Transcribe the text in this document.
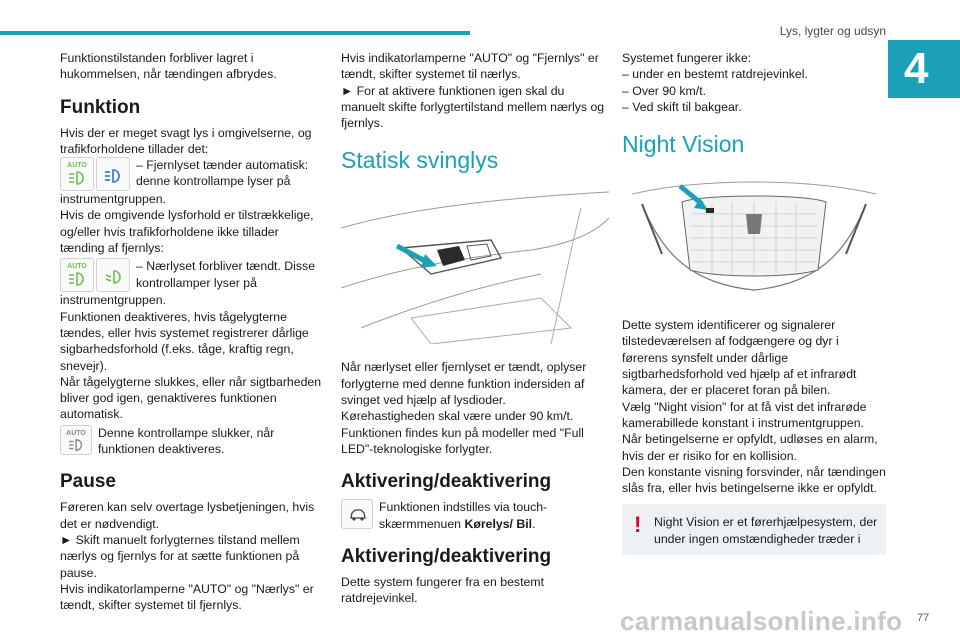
Lys, lygter og udsyn
4

Funktionstilstanden forbliver lagret i hukommelsen, når tændingen afbrydes.

Funktion

Hvis der er meget svagt lys i omgivelserne, og trafikforholdene tillader det:

AUTO	– Fjernlyset tænder automatisk: denne kontrollampe lyser på

instrumentgruppen.
Hvis de omgivende lysforhold er tilstrækkelige, og/eller hvis trafikforholdene ikke tillader tænding af fjernlys:

AUTO	– Nærlyset forbliver tændt. Disse kontrollamper lyser på

instrumentgruppen.
Funktionen deaktiveres, hvis tågelygterne tændes, eller hvis systemet registrerer dårlige sigbarhedsforhold (f.eks. tåge, kraftig regn, snevejr).
Når tågelygterne slukkes, eller når sigtbarheden bliver god igen, genaktiveres funktionen automatisk.

AUTO Denne kontrollampe slukker, når funktionen deaktiveres.
Pause

Føreren kan selv overtage lysbetjeningen, hvis det er nødvendigt.
► Skift manuelt forlygternes tilstand mellem nærlys og fjernlys for at sætte funktionen på pause.
Hvis indikatorlamperne "AUTO" og "Nærlys" er tændt, skifter systemet til fjernlys.

Hvis indikatorlamperne "AUTO" og "Fjernlys" er tændt, skifter systemet til nærlys.
► For at aktivere funktionen igen skal du manuelt skifte forlygtertilstand mellem nærlys og fjernlys.

Statisk svinglys

Når nærlyset eller fjernlyset er tændt, oplyser forlygterne med denne funktion indersiden af svinget ved hjælp af lysdioder.
Kørehastigheden skal være under 90 km/t.
Funktionen findes kun på modeller med "Full LED"-teknologiske forlygter.

Aktivering/deaktivering
Funktionen indstilles via touch-skærmmenuen Kørelys/ Bil.
Aktivering/deaktivering

Dette system fungerer fra en bestemt ratdrejevinkel.

Systemet fungerer ikke:
– under en bestemt ratdrejevinkel.
– Over 90 km/t.
– Ved skift til bakgear.

Night Vision

Dette system identificerer og signalerer tilstedeværelsen af fodgængere og dyr i førerens synsfelt under dårlige sigtbarhedsforhold ved hjælp af et infrarødt kamera, der er placeret foran på bilen.
Vælg "Night vision" for at få vist det infrarøde kamerabillede konstant i instrumentgruppen. Når betingelserne er opfyldt, udløses en alarm, hvis der er risiko for en kollision.
Den konstante visning forsvinder, når tændingen slås fra, eller hvis betingelserne ikke er opfyldt.

! Night Vision er et førerhjælpesystem, der under ingen omstændigheder træder i

carmanualsonline.info 77
